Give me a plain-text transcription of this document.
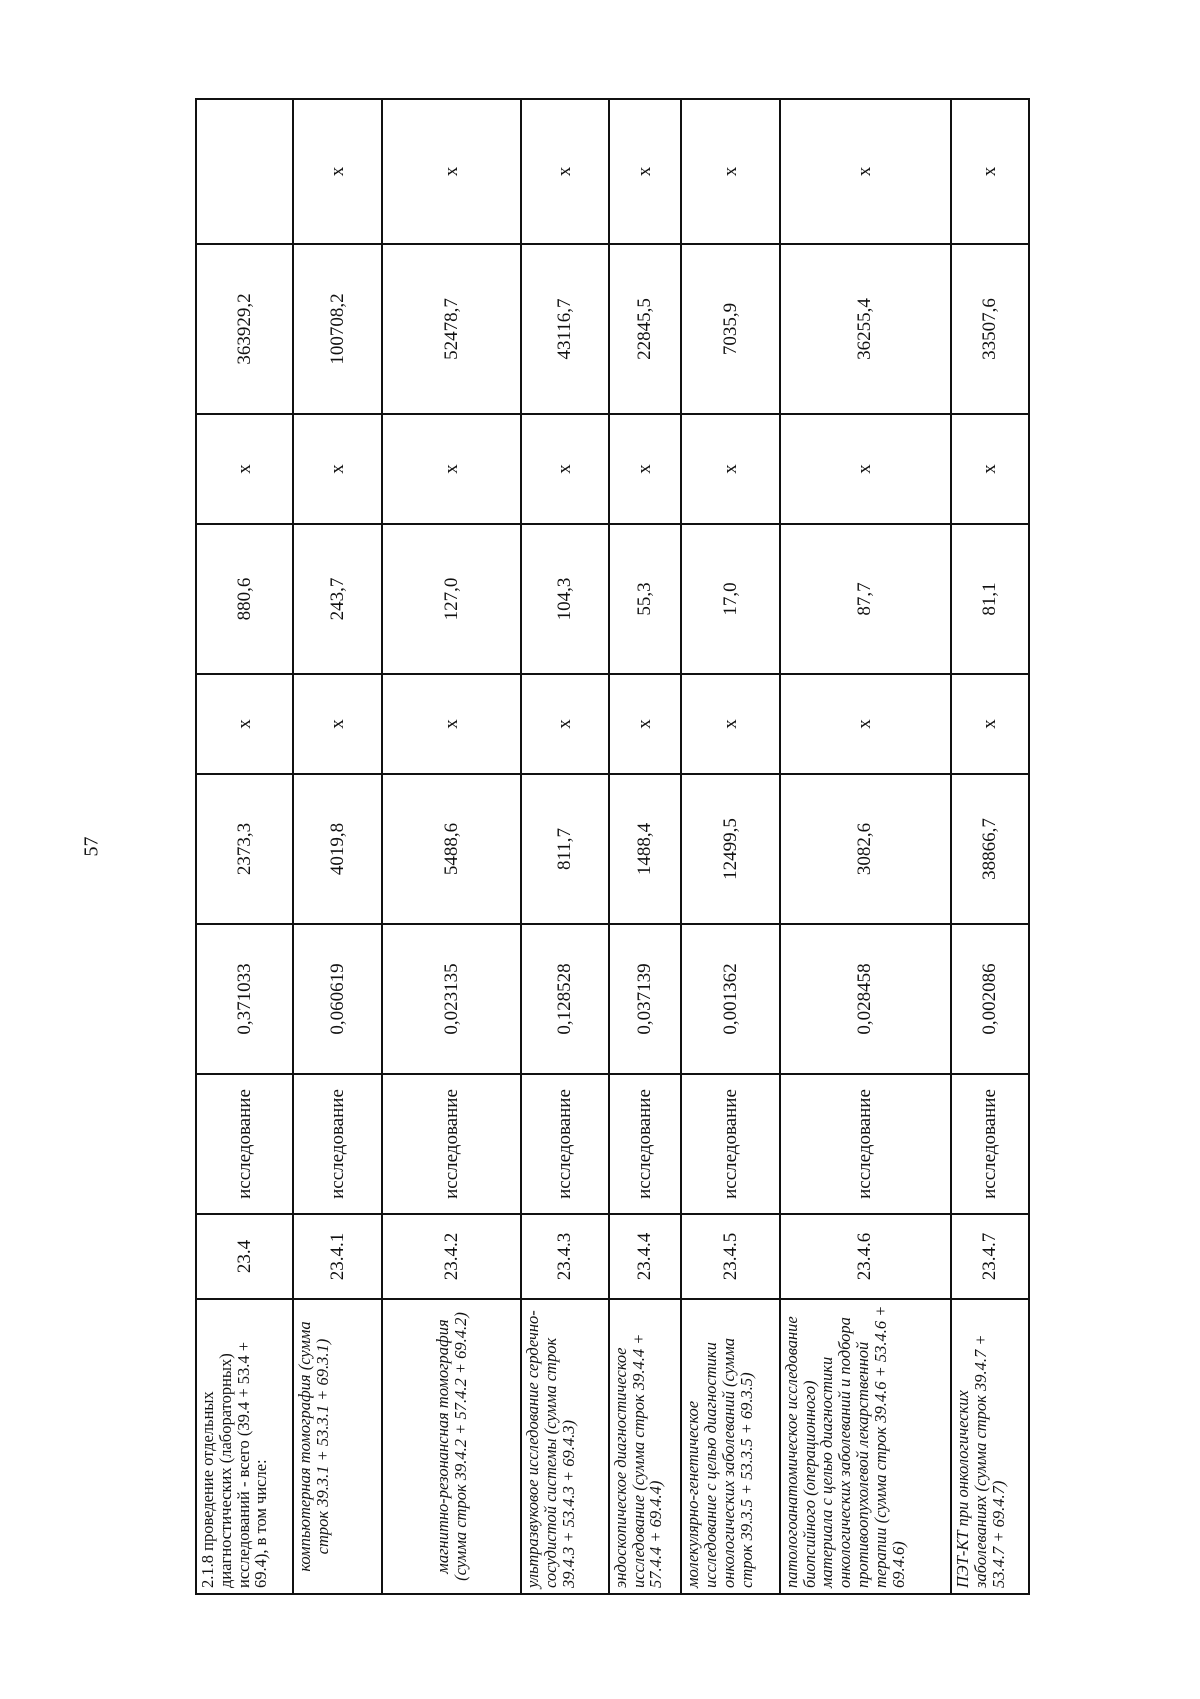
57
2.1.8 проведение отдельных диагностических (лабораторных) исследований - всего (39.4 + 53.4 + 69.4), в том числе:	23.4	исследование	0,371033	2373,3	х	880,6	х	363929,2	
компьютерная томография (сумма строк 39.3.1 + 53.3.1 + 69.3.1)	23.4.1	исследование	0,060619	4019,8	х	243,7	х	100708,2	х
магнитно-резонансная томография (сумма строк 39.4.2 + 57.4.2 + 69.4.2)	23.4.2	исследование	0,023135	5488,6	х	127,0	х	52478,7	х
ультразвуковое исследование сердечно-сосудистой системы (сумма строк 39.4.3 + 53.4.3 + 69.4.3)	23.4.3	исследование	0,128528	811,7	х	104,3	х	43116,7	х
эндоскопическое диагностическое исследование (сумма строк 39.4.4 + 57.4.4 + 69.4.4)	23.4.4	исследование	0,037139	1488,4	х	55,3	х	22845,5	х
молекулярно-генетическое исследование с целью диагностики онкологических заболеваний (сумма строк 39.3.5 + 53.3.5 + 69.3.5)	23.4.5	исследование	0,001362	12499,5	х	17,0	х	7035,9	х
патологоанатомическое исследование биопсийного (операционного) материала с целью диагностики онкологических заболеваний и подбора противоопухолевой лекарственной терапии (сумма строк 39.4.6 + 53.4.6 + 69.4.6)	23.4.6	исследование	0,028458	3082,6	х	87,7	х	36255,4	х
ПЭТ-КТ при онкологических заболеваниях (сумма строк 39.4.7 + 53.4.7 + 69.4.7)	23.4.7	исследование	0,002086	38866,7	х	81,1	х	33507,6	х
